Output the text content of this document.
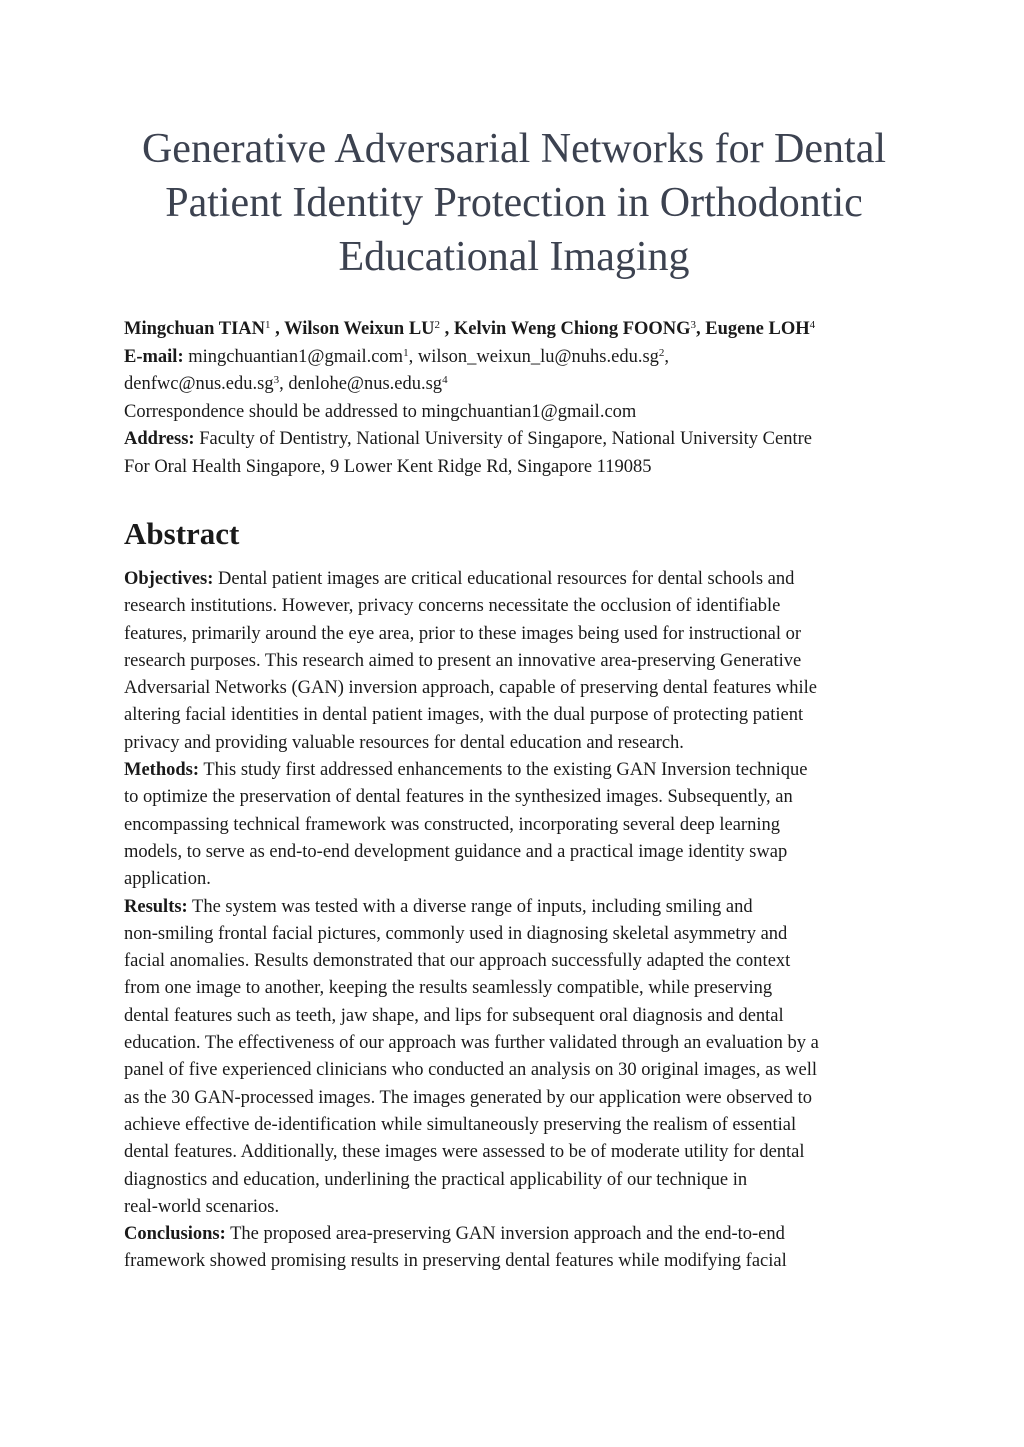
Generative Adversarial Networks for Dental
Patient Identity Protection in Orthodontic
Educational Imaging
Mingchuan TIAN$^1$ , Wilson Weixun $LU^2$ , Kelvin Weng Chiong FOONG$^3$, Eugene LOH$^4$
E-mail: mingchuantian1@gmail.com$^1$, $wilson\_weixun\_lu@nuhs.edu.sg^2$,
$denfwc@nus.edu.sg^3$, $denlohe@nus.edu.sg^4$
Correspondence should be addressed to mingchuantian1@gmail.com
Address: Faculty of Dentistry, National University of Singapore, National University Centre
For Oral Health Singapore, 9 Lower Kent Ridge Rd, Singapore 119085
Abstract
Objectives: Dental patient images are critical educational resources for dental schools and
research institutions. However, privacy concerns necessitate the occlusion of identifiable
features, primarily around the eye area, prior to these images being used for instructional or
research purposes. This research aimed to present an innovative area-preserving Generative
Adversarial Networks (GAN) inversion approach, capable of preserving dental features while
altering facial identities in dental patient images, with the dual purpose of protecting patient
privacy and providing valuable resources for dental education and research.
Methods: This study first addressed enhancements to the existing GAN Inversion technique
to optimize the preservation of dental features in the synthesized images. Subsequently, an
encompassing technical framework was constructed, incorporating several deep learning
models, to serve as end-to-end development guidance and a practical image identity swap
application.
Results: The system was tested with a diverse range of inputs, including smiling and
non-smiling frontal facial pictures, commonly used in diagnosing skeletal asymmetry and
facial anomalies. Results demonstrated that our approach successfully adapted the context
from one image to another, keeping the results seamlessly compatible, while preserving
dental features such as teeth, jaw shape, and lips for subsequent oral diagnosis and dental
education. The effectiveness of our approach was further validated through an evaluation by a
panel of five experienced clinicians who conducted an analysis on 30 original images, as well
as the 30 GAN-processed images. The images generated by our application were observed to
achieve effective de-identification while simultaneously preserving the realism of essential
dental features. Additionally, these images were assessed to be of moderate utility for dental
diagnostics and education, underlining the practical applicability of our technique in
real-world scenarios.
Conclusions: The proposed area-preserving GAN inversion approach and the end-to-end
framework showed promising results in preserving dental features while modifying facial
